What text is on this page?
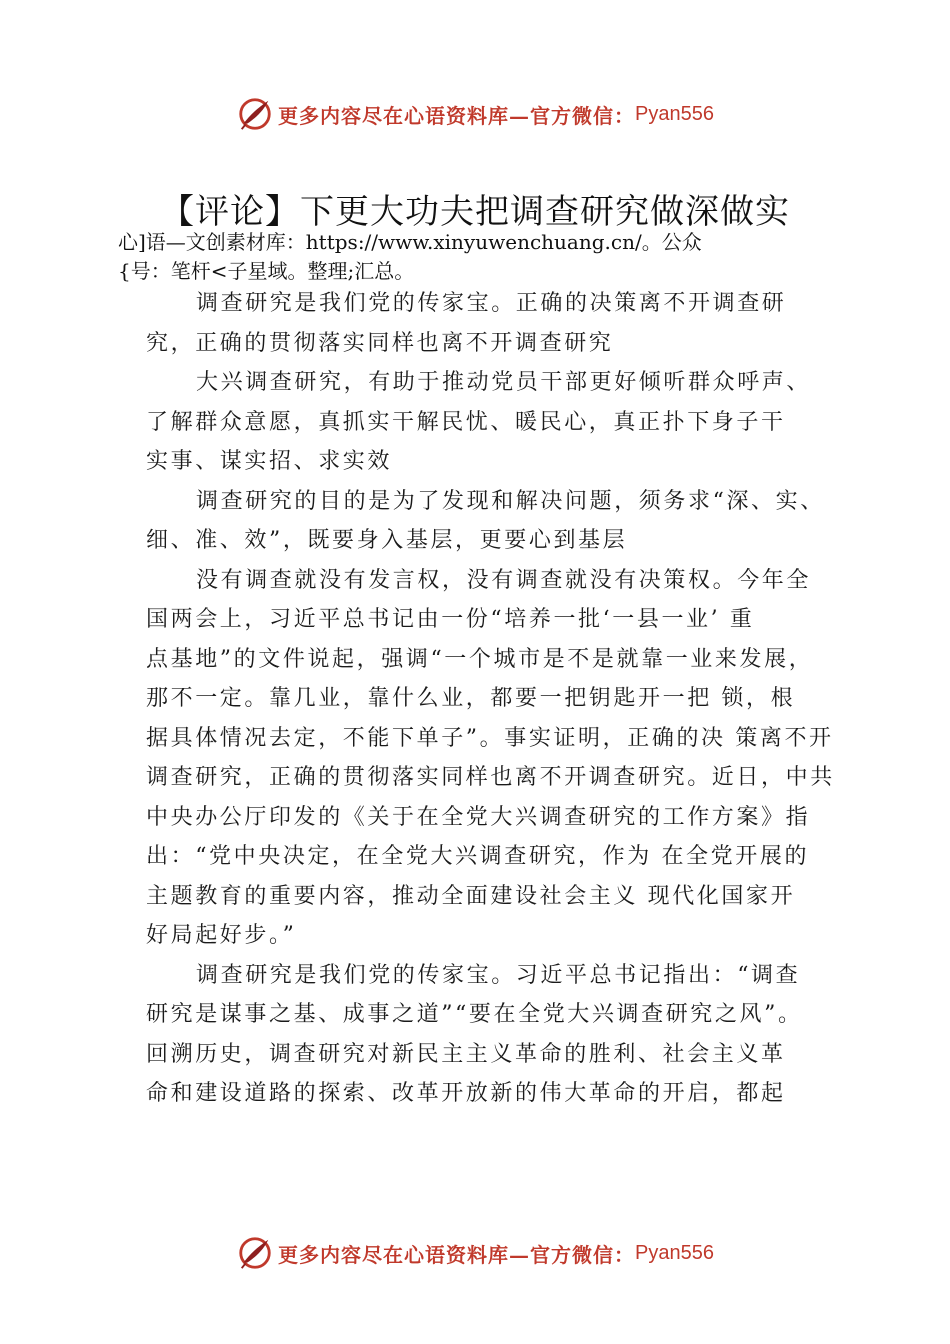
更多内容尽在心语资料库—官方微信： Pyan556
【评论】下更大功夫把调查研究做深做实
心]语—文创素材库：https://www.xinyuwenchuang.cn/。公众
{号：笔杆<子星域。整理;汇总。
调查研究是我们党的传家宝。正确的决策离不开调查研
究，正确的贯彻落实同样也离不开调查研究
大兴调查研究，有助于推动党员干部更好倾听群众呼声、
了解群众意愿，真抓实干解民忧、暖民心，真正扑下身子干
实事、谋实招、求实效
调查研究的目的是为了发现和解决问题，须务求“深、实、
细、准、效”，既要身入基层，更要心到基层
没有调查就没有发言权，没有调查就没有决策权。今年全
国两会上，习近平总书记由一份“培养一批‘一县一业’ 重
点基地”的文件说起，强调“一个城市是不是就靠一业来发展，
那不一定。靠几业，靠什么业，都要一把钥匙开一把 锁，根
据具体情况去定，不能下单子”。事实证明，正确的决 策离不开
调查研究，正确的贯彻落实同样也离不开调查研究。近日，中共
中央办公厅印发的《关于在全党大兴调查研究的工作方案》指
出：“党中央决定，在全党大兴调查研究，作为 在全党开展的
主题教育的重要内容，推动全面建设社会主义 现代化国家开
好局起好步。”
调查研究是我们党的传家宝。习近平总书记指出：“调查
研究是谋事之基、成事之道”“要在全党大兴调查研究之风”。
回溯历史，调查研究对新民主主义革命的胜利、社会主义革
命和建设道路的探索、改革开放新的伟大革命的开启，都起
更多内容尽在心语资料库—官方微信： Pyan556
